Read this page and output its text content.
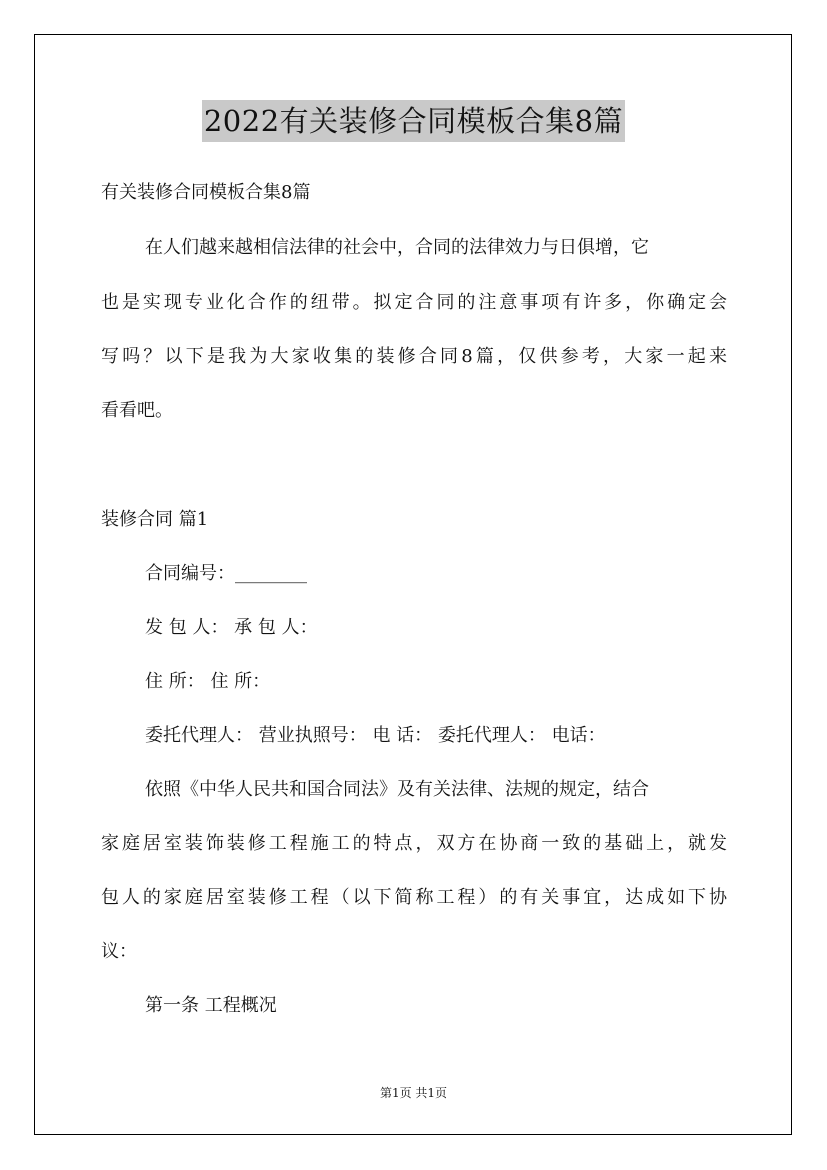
2022有关装修合同模板合集8篇
有关装修合同模板合集8篇
在人们越来越相信法律的社会中，合同的法律效力与日俱增，它
也是实现专业化合作的纽带。拟定合同的注意事项有许多，你确定会
写吗？以下是我为大家收集的装修合同8篇，仅供参考，大家一起来
看看吧。
装修合同 篇1
合同编号：________
发 包 人： 承 包 人：
住 所： 住 所：
委托代理人： 营业执照号： 电 话： 委托代理人： 电话：
依照《中华人民共和国合同法》及有关法律、法规的规定，结合
家庭居室装饰装修工程施工的特点，双方在协商一致的基础上，就发
包人的家庭居室装修工程（以下简称工程）的有关事宜，达成如下协
议：
第一条 工程概况
第1页 共1页
